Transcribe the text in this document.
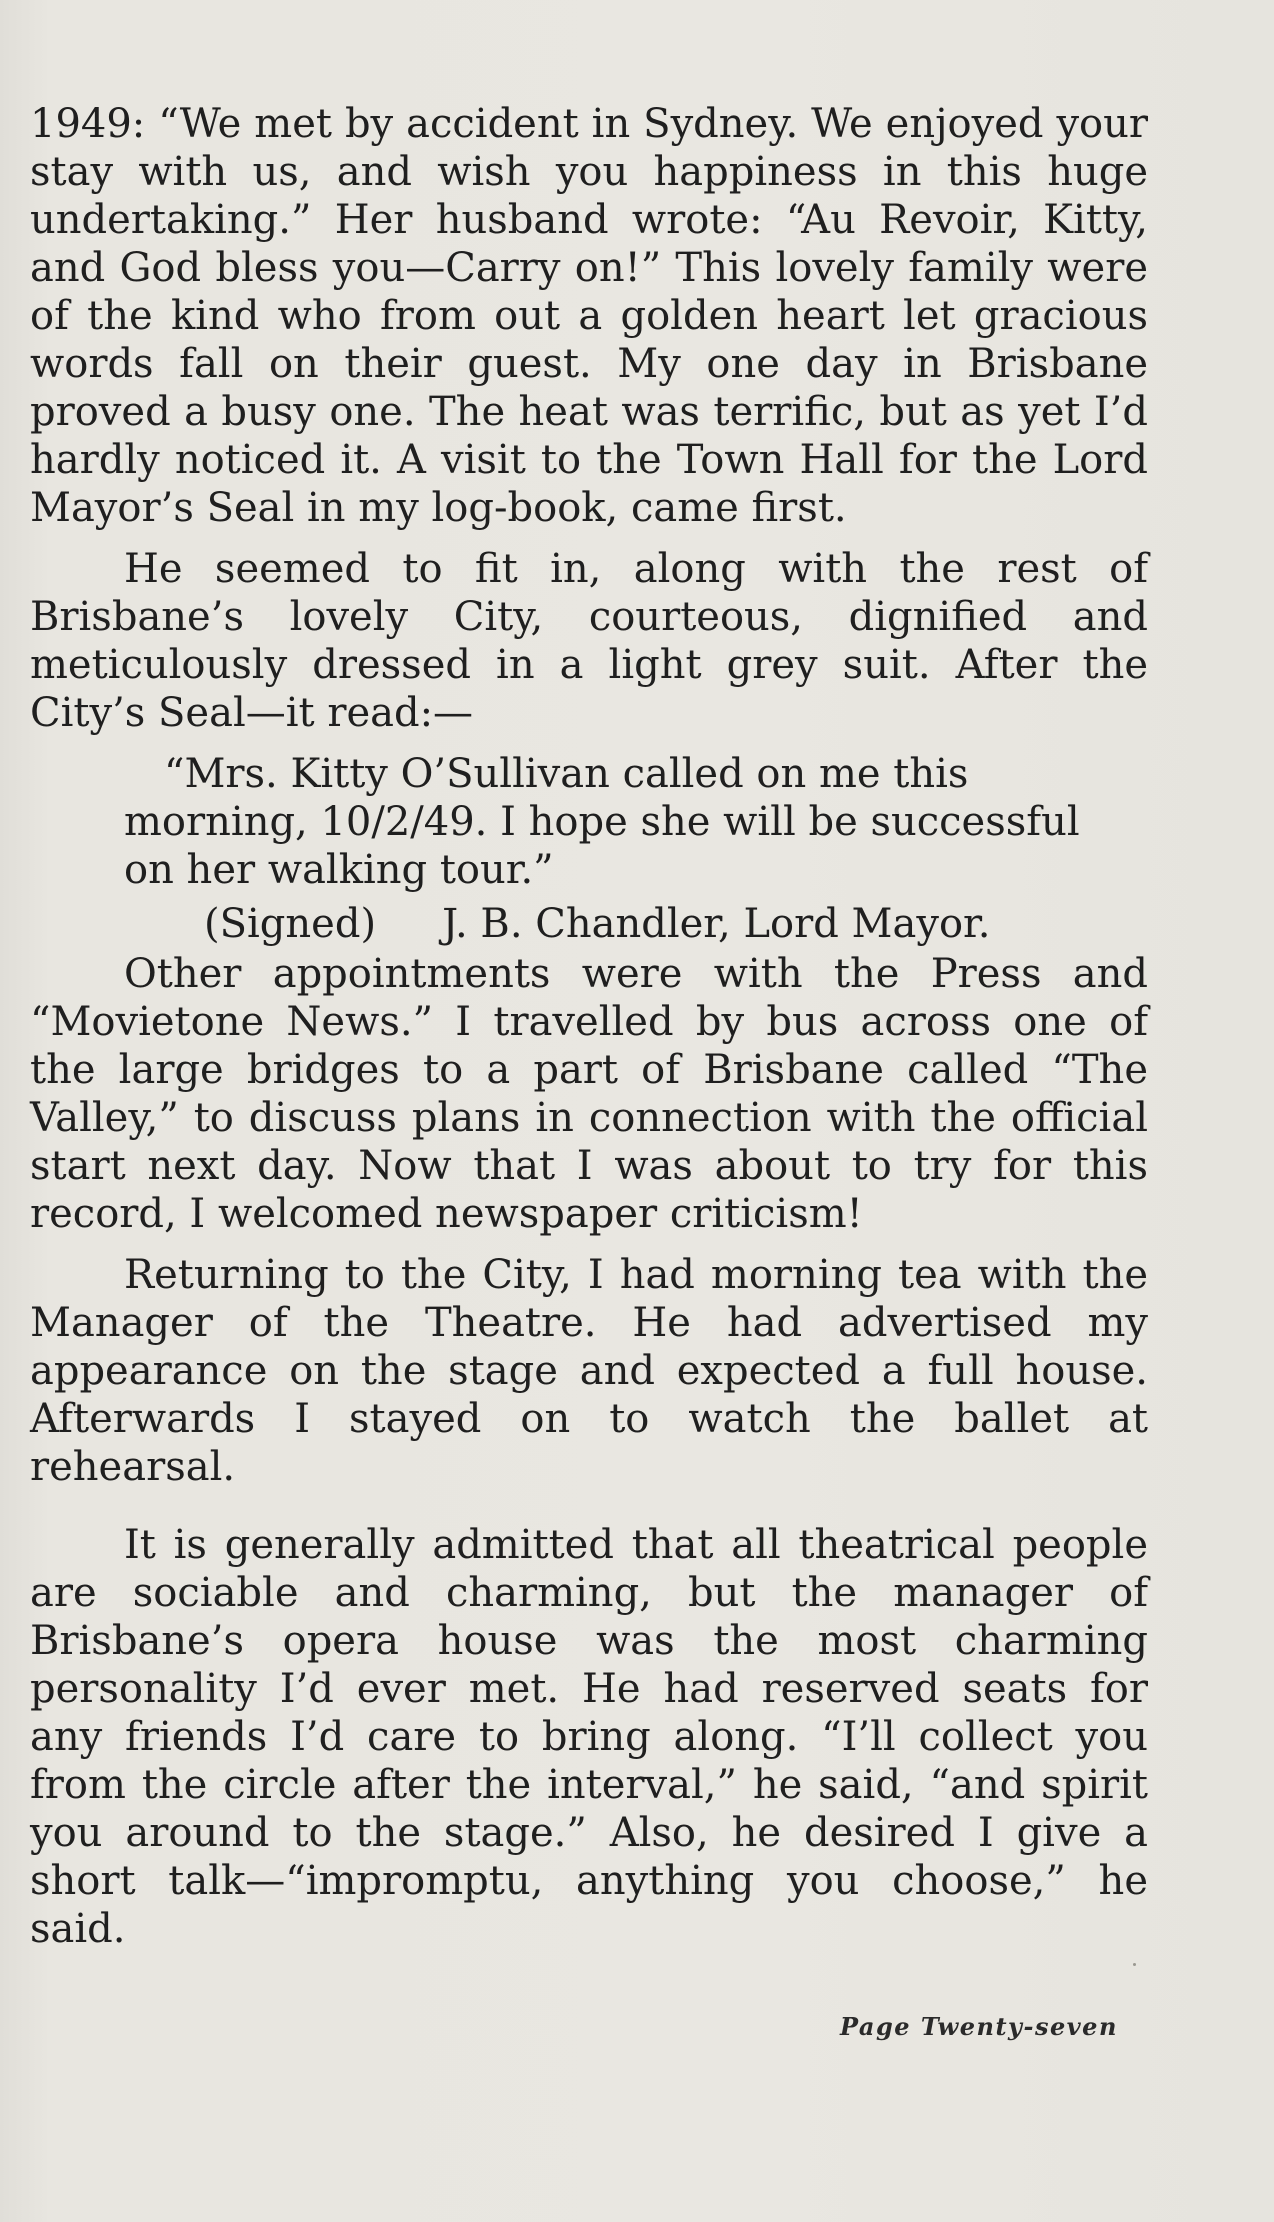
1949: “We met by accident in Sydney. We enjoyed your stay with us, and wish you happiness in this huge undertaking.” Her husband wrote: “Au Revoir, Kitty, and God bless you—Carry on!” This lovely family were of the kind who from out a golden heart let gracious words fall on their guest. My one day in Brisbane proved a busy one. The heat was terrific, but as yet I’d hardly noticed it. A visit to the Town Hall for the Lord Mayor’s Seal in my log-book, came first.

He seemed to fit in, along with the rest of Brisbane’s lovely City, courteous, dignified and meticulously dressed in a light grey suit. After the City’s Seal—it read:—

“Mrs. Kitty O’Sullivan called on me this morning, 10/2/49. I hope she will be successful on her walking tour.”

(Signed) J. B. Chandler, Lord Mayor.

Other appointments were with the Press and “Movietone News.” I travelled by bus across one of the large bridges to a part of Brisbane called “The Valley,” to discuss plans in connection with the official start next day. Now that I was about to try for this record, I welcomed newspaper criticism!

Returning to the City, I had morning tea with the Manager of the Theatre. He had advertised my appearance on the stage and expected a full house. Afterwards I stayed on to watch the ballet at rehearsal.

It is generally admitted that all theatrical people are sociable and charming, but the manager of Brisbane’s opera house was the most charming personality I’d ever met. He had reserved seats for any friends I’d care to bring along. “I’ll collect you from the circle after the interval,” he said, “and spirit you around to the stage.” Also, he desired I give a short talk—“impromptu, anything you choose,” he said.

Page Twenty-seven
